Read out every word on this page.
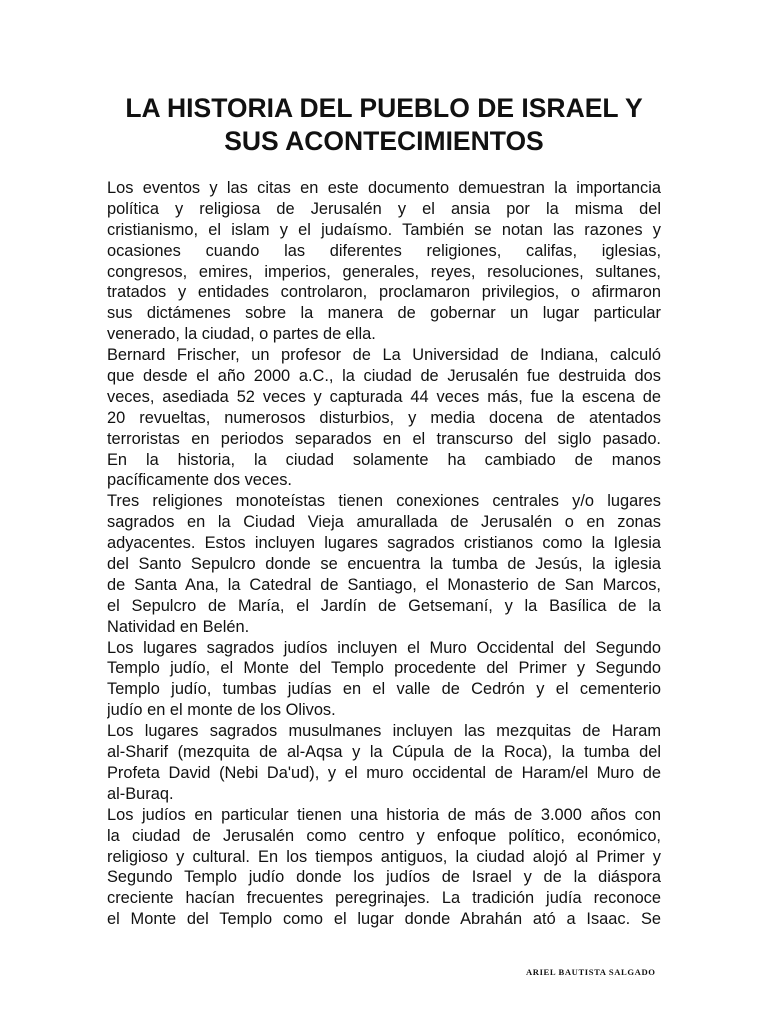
LA HISTORIA DEL PUEBLO DE ISRAEL Y
SUS ACONTECIMIENTOS
Los eventos y las citas en este documento demuestran la importancia
política y religiosa de Jerusalén y el ansia por la misma del
cristianismo, el islam y el judaísmo. También se notan las razones y
ocasiones cuando las diferentes religiones, califas, iglesias,
congresos, emires, imperios, generales, reyes, resoluciones, sultanes,
tratados y entidades controlaron, proclamaron privilegios, o afirmaron
sus dictámenes sobre la manera de gobernar un lugar particular
venerado, la ciudad, o partes de ella.
Bernard Frischer, un profesor de La Universidad de Indiana, calculó
que desde el año 2000 a.C., la ciudad de Jerusalén fue destruida dos
veces, asediada 52 veces y capturada 44 veces más, fue la escena de
20 revueltas, numerosos disturbios, y media docena de atentados
terroristas en periodos separados en el transcurso del siglo pasado.
En la historia, la ciudad solamente ha cambiado de manos
pacíficamente dos veces.
Tres religiones monoteístas tienen conexiones centrales y/o lugares
sagrados en la Ciudad Vieja amurallada de Jerusalén o en zonas
adyacentes. Estos incluyen lugares sagrados cristianos como la Iglesia
del Santo Sepulcro donde se encuentra la tumba de Jesús, la iglesia
de Santa Ana, la Catedral de Santiago, el Monasterio de San Marcos,
el Sepulcro de María, el Jardín de Getsemaní, y la Basílica de la
Natividad en Belén.
Los lugares sagrados judíos incluyen el Muro Occidental del Segundo
Templo judío, el Monte del Templo procedente del Primer y Segundo
Templo judío, tumbas judías en el valle de Cedrón y el cementerio
judío en el monte de los Olivos.
Los lugares sagrados musulmanes incluyen las mezquitas de Haram
al-Sharif (mezquita de al-Aqsa y la Cúpula de la Roca), la tumba del
Profeta David (Nebi Da'ud), y el muro occidental de Haram/el Muro de
al-Buraq.
Los judíos en particular tienen una historia de más de 3.000 años con
la ciudad de Jerusalén como centro y enfoque político, económico,
religioso y cultural. En los tiempos antiguos, la ciudad alojó al Primer y
Segundo Templo judío donde los judíos de Israel y de la diáspora
creciente hacían frecuentes peregrinajes. La tradición judía reconoce
el Monte del Templo como el lugar donde Abrahán ató a Isaac. Se
ARIEL BAUTISTA SALGADO
